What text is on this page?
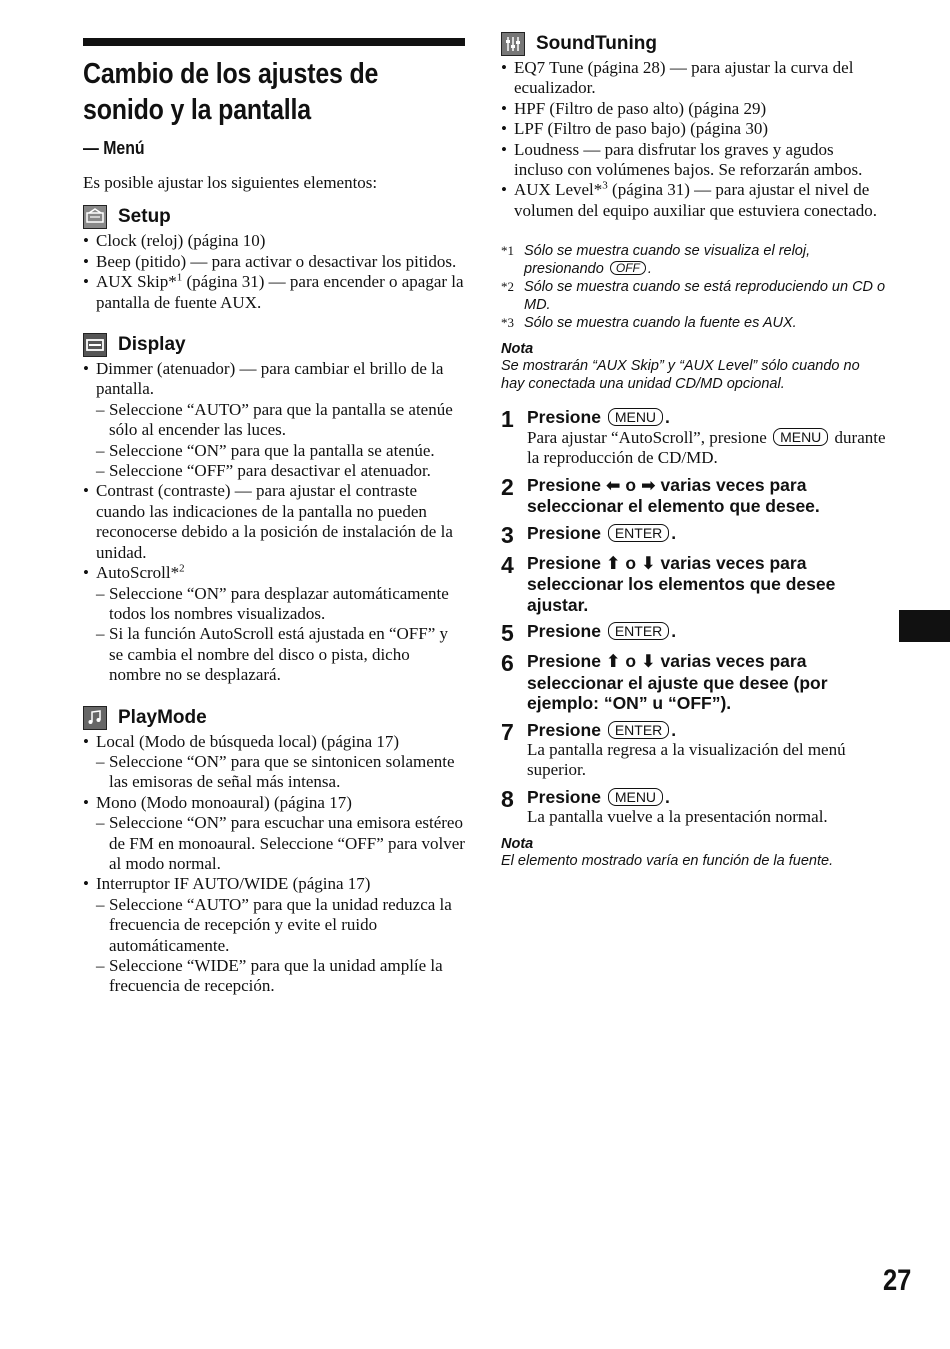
Cambio de los ajustes de
sonido y la pantalla
— Menú
Es posible ajustar los siguientes elementos:
Setup
• Clock (reloj) (página 10)
• Beep (pitido) — para activar o desactivar los pitidos.
• AUX Skip*$^1$ (página 31) — para encender o apagar la pantalla de fuente AUX.
Display
• Dimmer (atenuador) — para cambiar el brillo de la pantalla.
– Seleccione “AUTO” para que la pantalla se atenúe sólo al encender las luces.
– Seleccione “ON” para que la pantalla se atenúe.
– Seleccione “OFF” para desactivar el atenuador.
• Contrast (contraste) — para ajustar el contraste cuando las indicaciones de la pantalla no pueden reconocerse debido a la posición de instalación de la unidad.
• AutoScroll*$^2$
– Seleccione “ON” para desplazar automáticamente todos los nombres visualizados.
– Si la función AutoScroll está ajustada en “OFF” y se cambia el nombre del disco o pista, dicho nombre no se desplazará.
PlayMode
• Local (Modo de búsqueda local) (página 17)
– Seleccione “ON” para que se sintonicen solamente las emisoras de señal más intensa.
• Mono (Modo monoaural) (página 17)
– Seleccione “ON” para escuchar una emisora estéreo de FM en monoaural. Seleccione “OFF” para volver al modo normal.
• Interruptor IF AUTO/WIDE (página 17)
– Seleccione “AUTO” para que la unidad reduzca la frecuencia de recepción y evite el ruido automáticamente.
– Seleccione “WIDE” para que la unidad amplíe la frecuencia de recepción.
SoundTuning
• EQ7 Tune (página 28) — para ajustar la curva del ecualizador.
• HPF (Filtro de paso alto) (página 29)
• LPF (Filtro de paso bajo) (página 30)
• Loudness — para disfrutar los graves y agudos incluso con volúmenes bajos. Se reforzarán ambos.
• AUX Level*$^3$ (página 31) — para ajustar el nivel de volumen del equipo auxiliar que estuviera conectado.
*1 Sólo se muestra cuando se visualiza el reloj, presionando OFF .
*2 Sólo se muestra cuando se está reproduciendo un CD o MD.
*3 Sólo se muestra cuando la fuente es AUX.
Nota
Se mostrarán “AUX Skip” y “AUX Level” sólo cuando no hay conectada una unidad CD/MD opcional.
1 Presione MENU .
Para ajustar “AutoScroll”, presione MENU durante la reproducción de CD/MD.
2 Presione ⬅ o ➡ varias veces para seleccionar el elemento que desee.
3 Presione ENTER .
4 Presione ⬆ o ⬇ varias veces para seleccionar los elementos que desee ajustar.
5 Presione ENTER .
6 Presione ⬆ o ⬇ varias veces para seleccionar el ajuste que desee (por ejemplo: “ON” u “OFF”).
7 Presione ENTER .
La pantalla regresa a la visualización del menú superior.
8 Presione MENU .
La pantalla vuelve a la presentación normal.
Nota
El elemento mostrado varía en función de la fuente.
27
